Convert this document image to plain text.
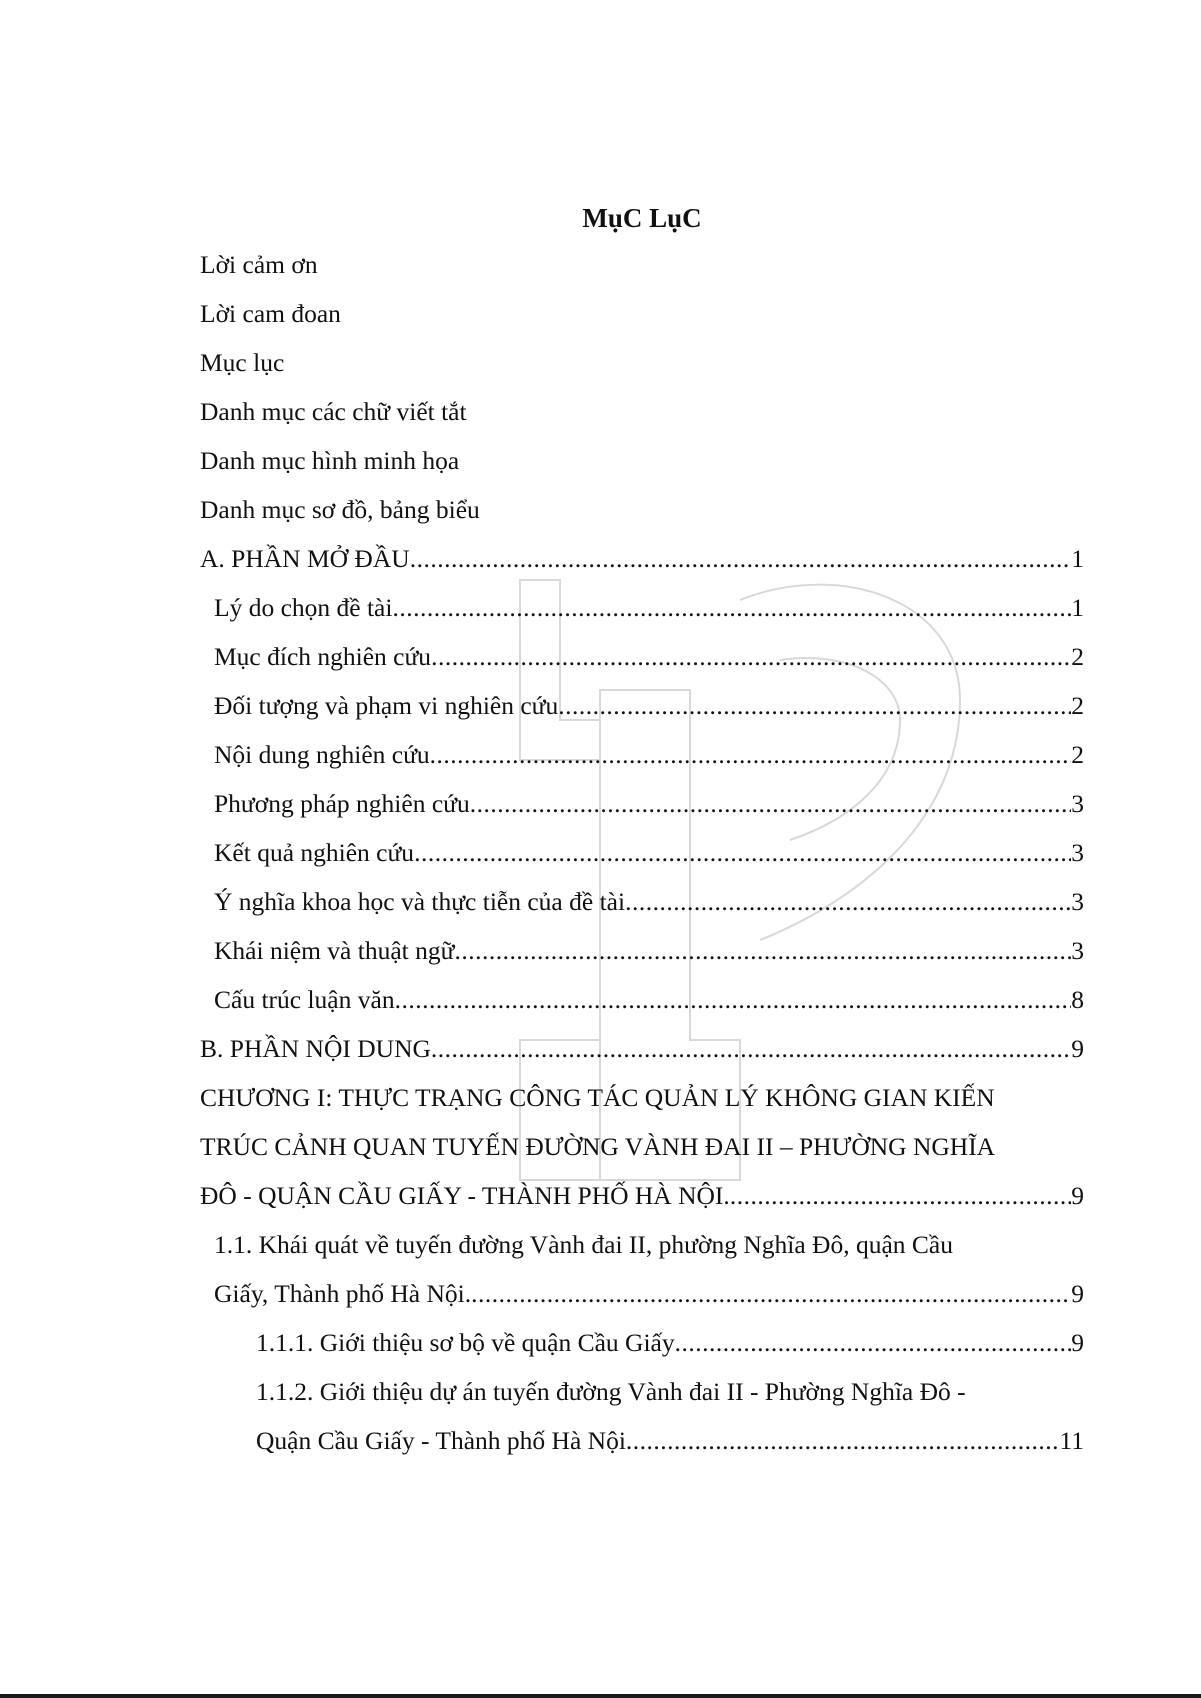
MụC LụC
Lời cảm ơn
Lời cam đoan
Mục lục
Danh mục các chữ viết tắt
Danh mục hình minh họa
Danh mục sơ đồ, bảng biểu
A. PHẦN MỞ ĐẦU .....	1
Lý do chọn đề tài .....	1
Mục đích nghiên cứu .....	2
Đối tượng và phạm vi nghiên cứu .....	2
Nội dung nghiên cứu .....	2
Phương pháp nghiên cứu .....	3
Kết quả nghiên cứu .....	3
Ý nghĩa khoa học và thực tiễn của đề tài .....	3
Khái niệm và thuật ngữ .....	3
Cấu trúc luận văn .....	8
B. PHẦN NỘI DUNG .....	9
CHƯƠNG I: THỰC TRẠNG CÔNG TÁC QUẢN LÝ KHÔNG GIAN KIẾN
TRÚC CẢNH QUAN TUYẾN ĐƯỜNG VÀNH ĐAI II – PHƯỜNG NGHĨA
ĐÔ - QUẬN CẦU GIẤY - THÀNH PHỐ HÀ NỘI. .....	9
1.1. Khái quát về tuyến đường Vành đai II, phường Nghĩa Đô, quận Cầu
Giấy, Thành phố Hà Nội. .....	9
1.1.1. Giới thiệu sơ bộ về quận Cầu Giấy .....	9
1.1.2. Giới thiệu dự án tuyến đường Vành đai II - Phường Nghĩa Đô -
Quận Cầu Giấy - Thành phố Hà Nội .....	11
